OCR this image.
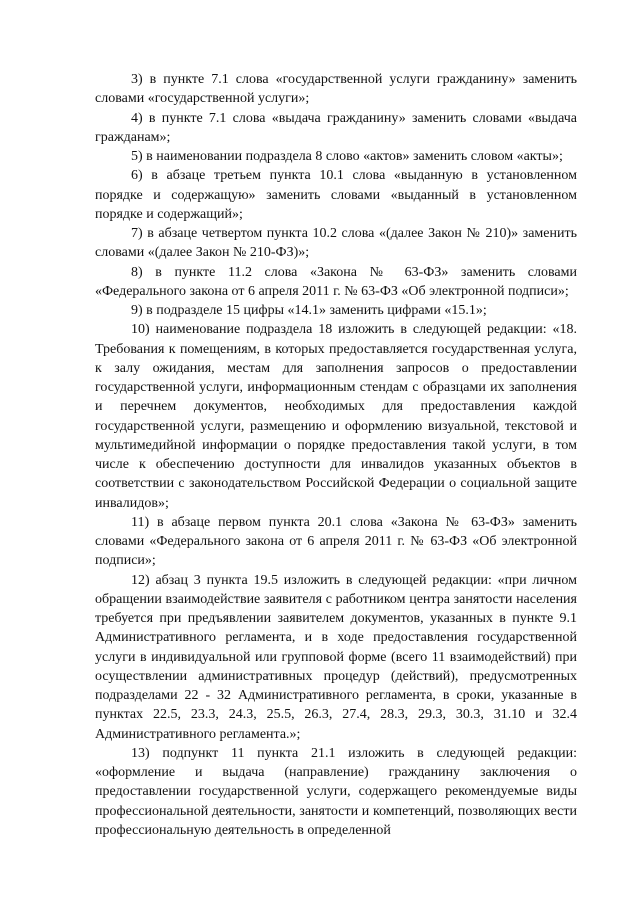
3) в пункте 7.1 слова «государственной услуги гражданину» заменить словами «государственной услуги»;

4) в пункте 7.1 слова «выдача гражданину» заменить словами «выдача гражданам»;

5) в наименовании подраздела 8 слово «актов» заменить словом «акты»;

6) в абзаце третьем пункта 10.1 слова «выданную в установленном порядке и содержащую» заменить словами «выданный в установленном порядке и содержащий»;

7) в абзаце четвертом пункта 10.2 слова «(далее Закон № 210)» заменить словами «(далее Закон № 210-ФЗ)»;

8) в пункте 11.2 слова «Закона № 63-ФЗ» заменить словами «Федерального закона от 6 апреля 2011 г. № 63-ФЗ «Об электронной подписи»;

9) в подразделе 15 цифры «14.1» заменить цифрами «15.1»;

10) наименование подраздела 18 изложить в следующей редакции: «18. Требования к помещениям, в которых предоставляется государственная услуга, к залу ожидания, местам для заполнения запросов о предоставлении государственной услуги, информационным стендам с образцами их заполнения и перечнем документов, необходимых для предоставления каждой государственной услуги, размещению и оформлению визуальной, текстовой и мультимедийной информации о порядке предоставления такой услуги, в том числе к обеспечению доступности для инвалидов указанных объектов в соответствии с законодательством Российской Федерации о социальной защите инвалидов»;

11) в абзаце первом пункта 20.1 слова «Закона № 63-ФЗ» заменить словами «Федерального закона от 6 апреля 2011 г. № 63-ФЗ «Об электронной подписи»;

12) абзац 3 пункта 19.5 изложить в следующей редакции: «при личном обращении взаимодействие заявителя с работником центра занятости населения требуется при предъявлении заявителем документов, указанных в пункте 9.1 Административного регламента, и в ходе предоставления государственной услуги в индивидуальной или групповой форме (всего 11 взаимодействий) при осуществлении административных процедур (действий), предусмотренных подразделами 22 - 32 Административного регламента, в сроки, указанные в пунктах 22.5, 23.3, 24.3, 25.5, 26.3, 27.4, 28.3, 29.3, 30.3, 31.10 и 32.4 Административного регламента.»;

13) подпункт 11 пункта 21.1 изложить в следующей редакции: «оформление и выдача (направление) гражданину заключения о предоставлении государственной услуги, содержащего рекомендуемые виды профессиональной деятельности, занятости и компетенций, позволяющих вести профессиональную деятельность в определенной
